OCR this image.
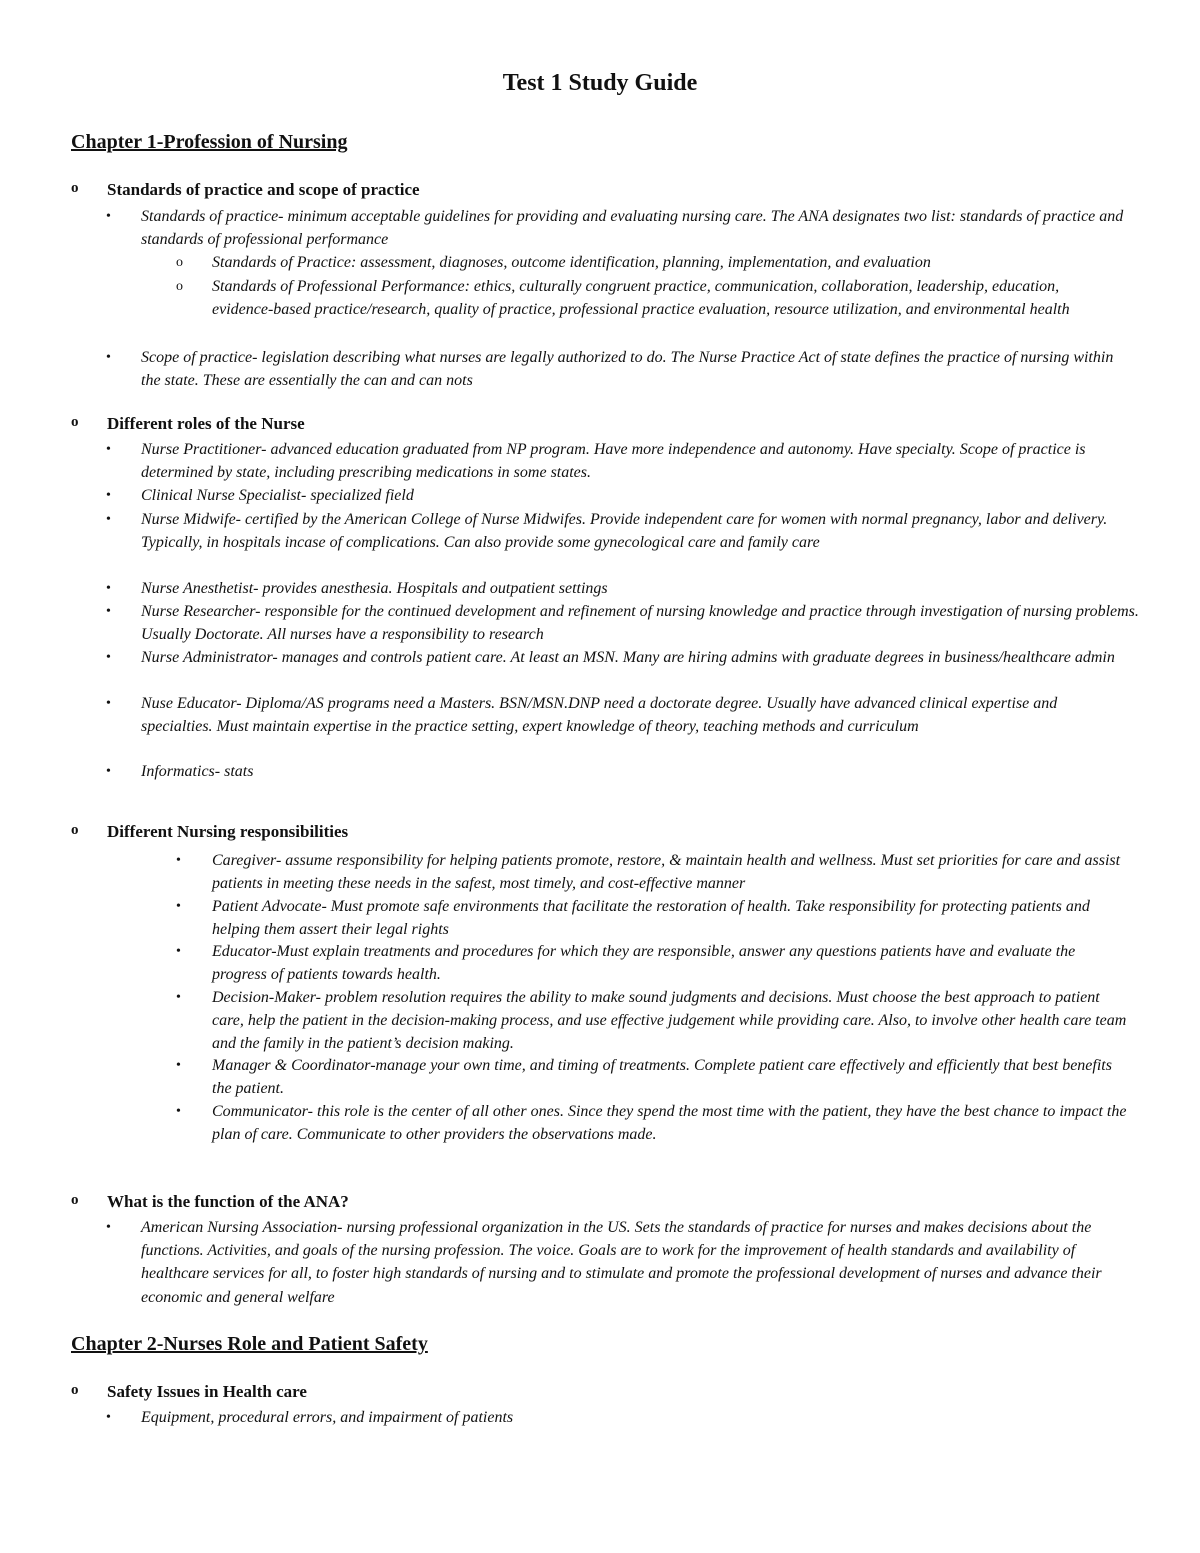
Test 1 Study Guide
Chapter 1-Profession of Nursing
o Standards of practice and scope of practice
• Standards of practice- minimum acceptable guidelines for providing and evaluating nursing care. The ANA designates two list: standards of practice and standards of professional performance
o Standards of Practice: assessment, diagnoses, outcome identification, planning, implementation, and evaluation
o Standards of Professional Performance: ethics, culturally congruent practice, communication, collaboration, leadership, education, evidence-based practice/research, quality of practice, professional practice evaluation, resource utilization, and environmental health
• Scope of practice- legislation describing what nurses are legally authorized to do. The Nurse Practice Act of state defines the practice of nursing within the state. These are essentially the can and can nots
o Different roles of the Nurse
• Nurse Practitioner- advanced education graduated from NP program. Have more independence and autonomy. Have specialty. Scope of practice is determined by state, including prescribing medications in some states.
• Clinical Nurse Specialist- specialized field
• Nurse Midwife- certified by the American College of Nurse Midwifes. Provide independent care for women with normal pregnancy, labor and delivery. Typically, in hospitals incase of complications. Can also provide some gynecological care and family care
• Nurse Anesthetist- provides anesthesia. Hospitals and outpatient settings
• Nurse Researcher- responsible for the continued development and refinement of nursing knowledge and practice through investigation of nursing problems. Usually Doctorate. All nurses have a responsibility to research
• Nurse Administrator- manages and controls patient care. At least an MSN. Many are hiring admins with graduate degrees in business/healthcare admin
• Nuse Educator- Diploma/AS programs need a Masters. BSN/MSN.DNP need a doctorate degree. Usually have advanced clinical expertise and specialties. Must maintain expertise in the practice setting, expert knowledge of theory, teaching methods and curriculum
• Informatics- stats
o Different Nursing responsibilities
• Caregiver- assume responsibility for helping patients promote, restore, & maintain health and wellness. Must set priorities for care and assist patients in meeting these needs in the safest, most timely, and cost-effective manner
• Patient Advocate- Must promote safe environments that facilitate the restoration of health. Take responsibility for protecting patients and helping them assert their legal rights
• Educator-Must explain treatments and procedures for which they are responsible, answer any questions patients have and evaluate the progress of patients towards health.
• Decision-Maker- problem resolution requires the ability to make sound judgments and decisions. Must choose the best approach to patient care, help the patient in the decision-making process, and use effective judgement while providing care. Also, to involve other health care team and the family in the patient’s decision making.
• Manager & Coordinator-manage your own time, and timing of treatments. Complete patient care effectively and efficiently that best benefits the patient.
• Communicator- this role is the center of all other ones. Since they spend the most time with the patient, they have the best chance to impact the plan of care. Communicate to other providers the observations made.
o What is the function of the ANA?
• American Nursing Association- nursing professional organization in the US. Sets the standards of practice for nurses and makes decisions about the functions. Activities, and goals of the nursing profession. The voice. Goals are to work for the improvement of health standards and availability of healthcare services for all, to foster high standards of nursing and to stimulate and promote the professional development of nurses and advance their economic and general welfare
Chapter 2-Nurses Role and Patient Safety
o Safety Issues in Health care
• Equipment, procedural errors, and impairment of patients
